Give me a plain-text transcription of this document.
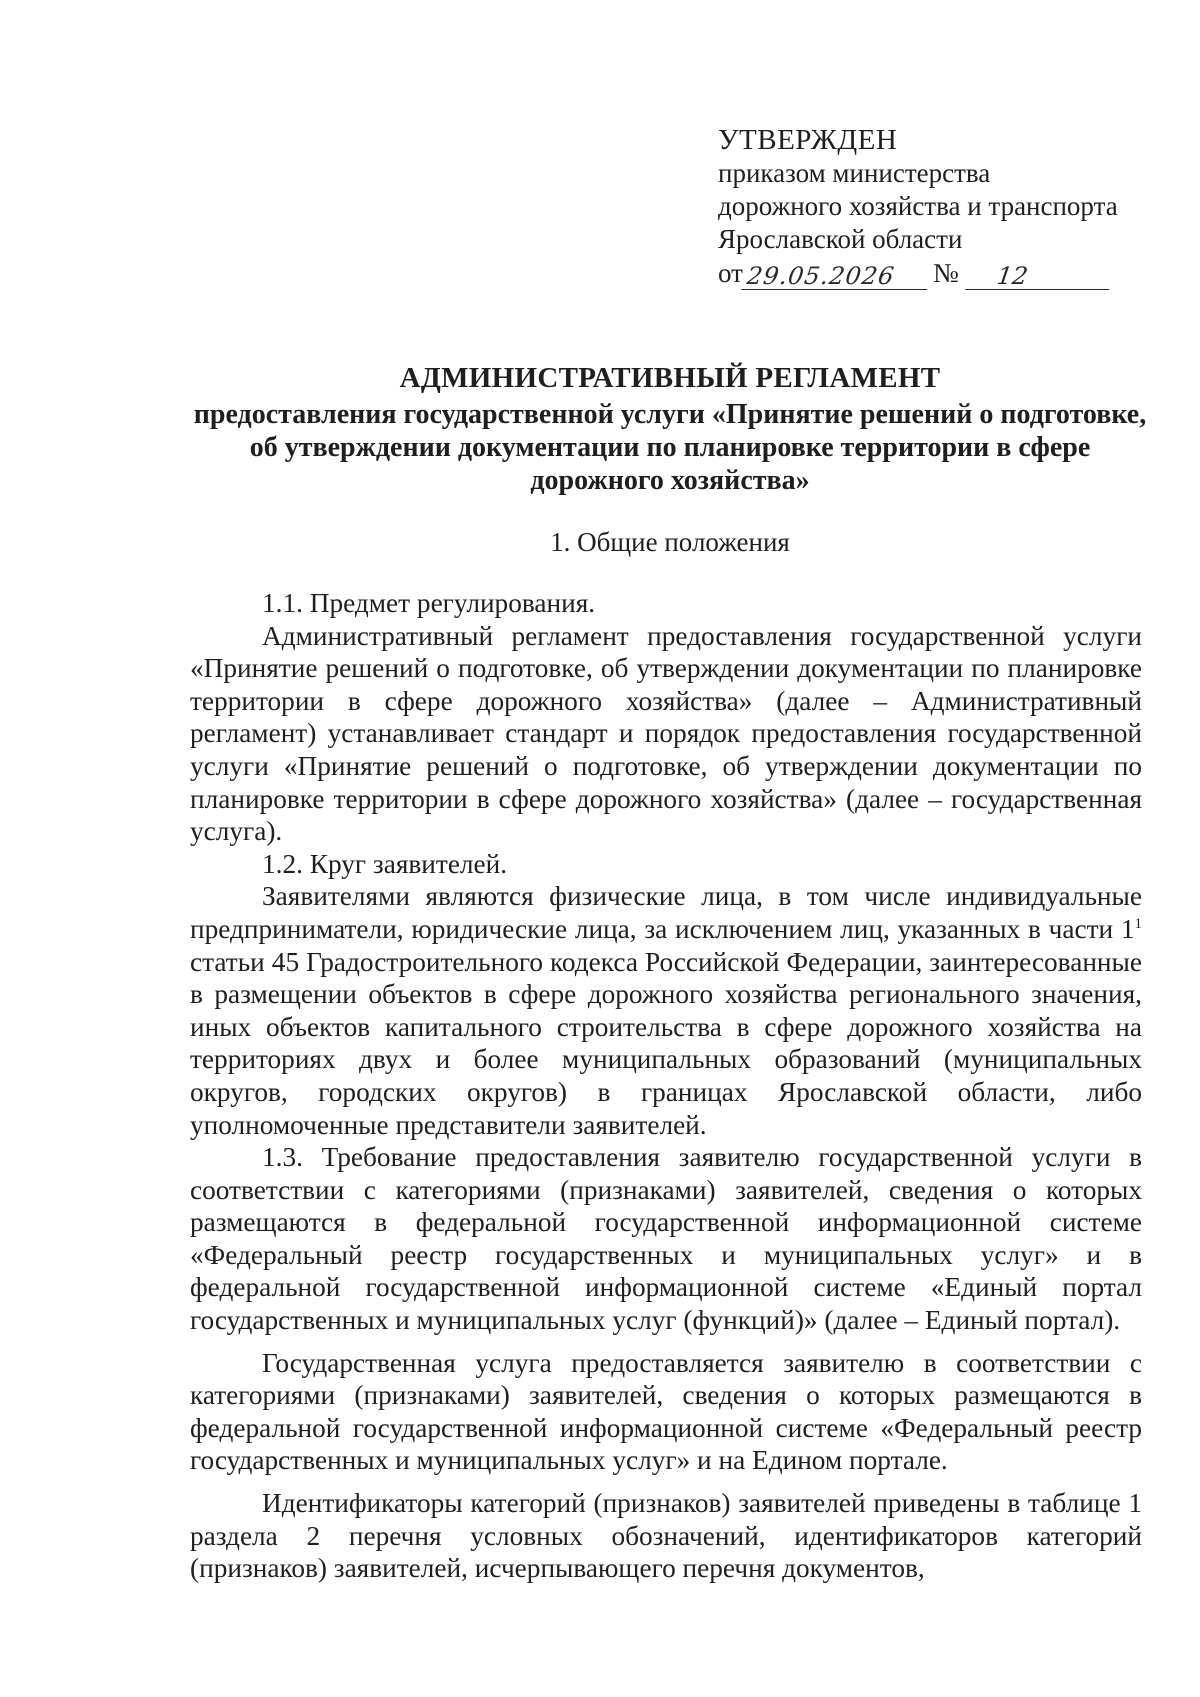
УТВЕРЖДЕН
приказом министерства
дорожного хозяйства и транспорта
Ярославской области
от 29.05.2026	№	12
АДМИНИСТРАТИВНЫЙ РЕГЛАМЕНТ
предоставления государственной услуги «Принятие решений о подготовке,
об утверждении документации по планировке территории в сфере
дорожного хозяйства»
1. Общие положения

1.1. Предмет регулирования.

Административный регламент предоставления государственной услуги «Принятие решений о подготовке, об утверждении документации по планировке территории в сфере дорожного хозяйства» (далее – Административный регламент) устанавливает стандарт и порядок предоставления государственной услуги «Принятие решений о подготовке, об утверждении документации по планировке территории в сфере дорожного хозяйства» (далее – государственная услуга).

1.2. Круг заявителей.

Заявителями являются физические лица, в том числе индивидуальные предприниматели, юридические лица, за исключением лиц, указанных в части $1^1$ статьи 45 Градостроительного кодекса Российской Федерации, заинтересованные в размещении объектов в сфере дорожного хозяйства регионального значения, иных объектов капитального строительства в сфере дорожного хозяйства на территориях двух и более муниципальных образований (муниципальных округов, городских округов) в границах Ярославской области, либо уполномоченные представители заявителей.

1.3. Требование предоставления заявителю государственной услуги в соответствии с категориями (признаками) заявителей, сведения о которых размещаются в федеральной государственной информационной системе «Федеральный реестр государственных и муниципальных услуг» и в федеральной государственной информационной системе «Единый портал государственных и муниципальных услуг (функций)» (далее – Единый портал).

Государственная услуга предоставляется заявителю в соответствии с категориями (признаками) заявителей, сведения о которых размещаются в федеральной государственной информационной системе «Федеральный реестр государственных и муниципальных услуг» и на Едином портале.

Идентификаторы категорий (признаков) заявителей приведены в таблице 1 раздела 2 перечня условных обозначений, идентификаторов категорий (признаков) заявителей, исчерпывающего перечня документов,
